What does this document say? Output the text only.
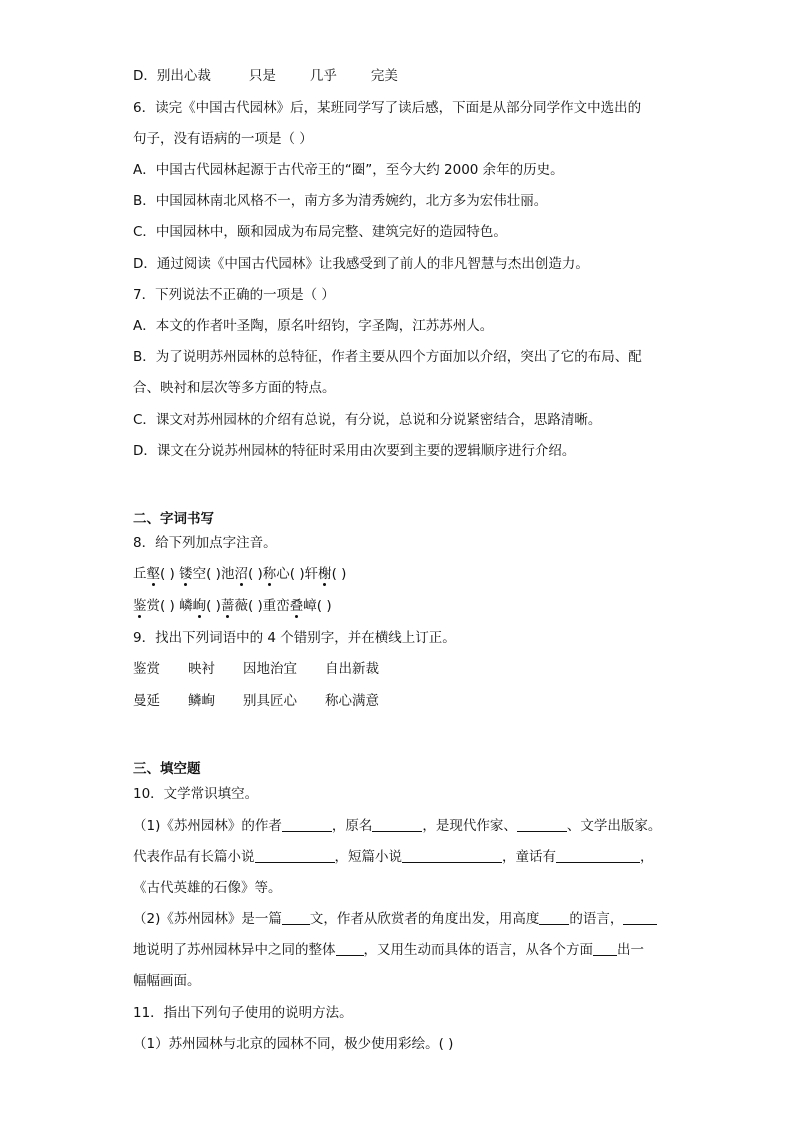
D．别出心裁	只是	几乎	完美
6．读完《中国古代园林》后，某班同学写了读后感，下面是从部分同学作文中选出的
句子，没有语病的一项是（ ）
A．中国古代园林起源于古代帝王的“圈”，至今大约 2000 余年的历史。
B．中国园林南北风格不一，南方多为清秀婉约，北方多为宏伟壮丽。
C．中国园林中，颐和园成为布局完整、建筑完好的造园特色。
D．通过阅读《中国古代园林》让我感受到了前人的非凡智慧与杰出创造力。
7．下列说法不正确的一项是（ ）
A．本文的作者叶圣陶，原名叶绍钧，字圣陶，江苏苏州人。
B．为了说明苏州园林的总特征，作者主要从四个方面加以介绍，突出了它的布局、配
合、映衬和层次等多方面的特点。
C．课文对苏州园林的介绍有总说，有分说，总说和分说紧密结合，思路清晰。
D．课文在分说苏州园林的特征时采用由次要到主要的逻辑顺序进行介绍。
二、字词书写
8．给下列加点字注音。
丘壑( ) 镂空( )池沼( )称心( )轩榭( )
鉴赏( ) 嶙峋( )蔷薇( )重峦叠嶂( )
9．找出下列词语中的 4 个错别字，并在横线上订正。
鉴赏 映衬 因地治宜 自出新裁
曼延 鳞峋 别具匠心 称心满意
三、填空题
10．文学常识填空。
（1)《苏州园林》的作者	，原名	，是现代作家、	、文学出版家。
代表作品有长篇小说	，短篇小说	，童话有	，
《古代英雄的石像》等。
（2)《苏州园林》是一篇 文，作者从欣赏者的角度出发，用高度 的语言，
地说明了苏州园林异中之同的整体 ，又用生动而具体的语言，从各个方面 出一
幅幅画面。
11．指出下列句子使用的说明方法。
（1）苏州园林与北京的园林不同，极少使用彩绘。( )
